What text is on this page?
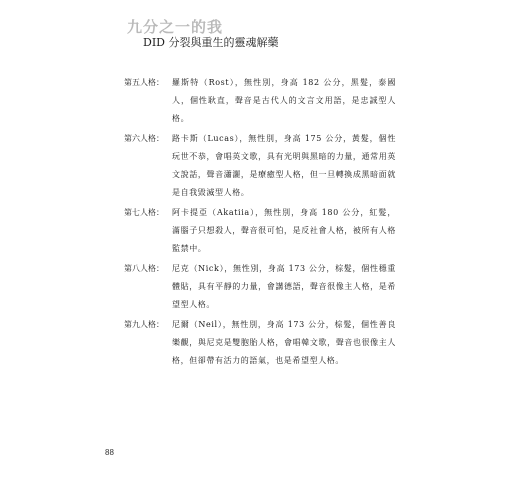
九分之一的我
DID 分裂與重生的靈魂解藥
第五人格：	羅斯特（Rost），無性別，身高 182 公分，黑髮，泰國人，個性耿直，聲音是古代人的文言文用語，是忠誠型人格。
第六人格：	路卡斯（Lucas），無性別，身高 175 公分，黃髮，個性玩世不恭，會唱英文歌，具有光明與黑暗的力量，通常用英文說話，聲音瀟灑，是療癒型人格，但一旦轉換成黑暗面就是自我毀滅型人格。
第七人格：	阿卡提亞（Akatiia），無性別，身高 180 公分，紅髮，滿腦子只想殺人，聲音很可怕，是反社會人格，被所有人格監禁中。
第八人格：	尼克（Nick），無性別，身高 173 公分，棕髮，個性穩重體貼，具有平靜的力量，會講德語，聲音很像主人格，是希望型人格。
第九人格：	尼爾（Neil），無性別，身高 173 公分，棕髮，個性善良樂觀，與尼克是雙胞胎人格，會唱韓文歌，聲音也很像主人格，但卻帶有活力的語氣，也是希望型人格。
88
